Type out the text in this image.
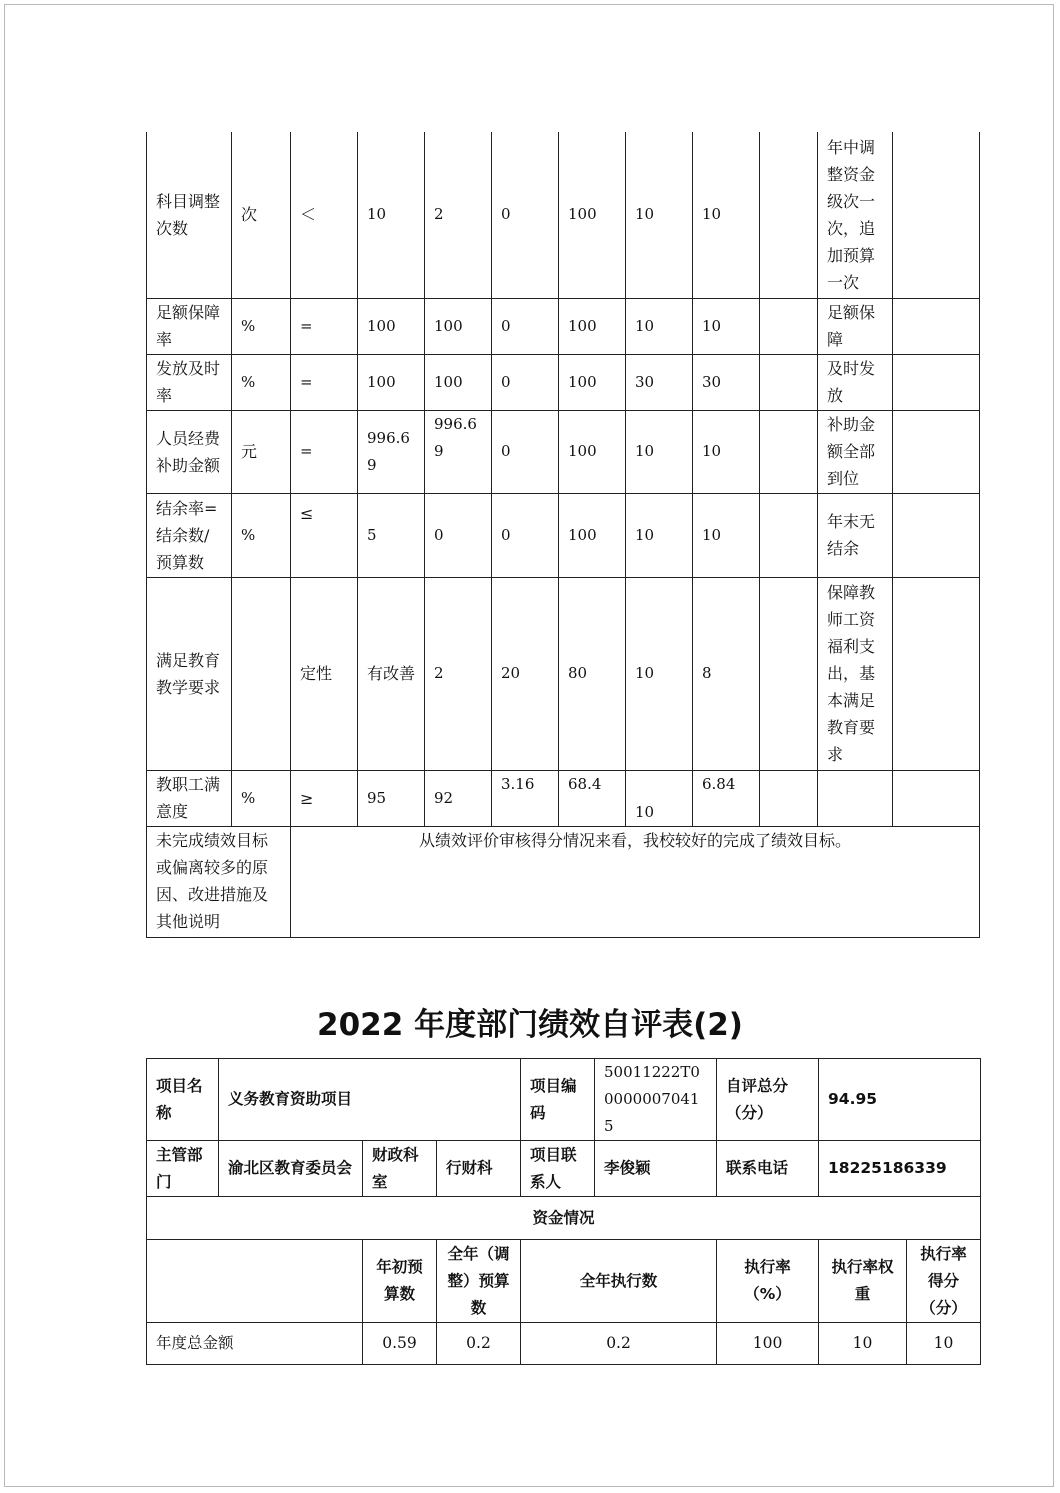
科目调整次数	次	＜	10	2	0	100	10	10		年中调整资金级次一次，追加预算一次	
足额保障率	%	=	100	100	0	100	10	10		足额保障	
发放及时率	%	=	100	100	0	100	30	30		及时发放	
人员经费补助金额	元	=	996.69	996.69	0	100	10	10		补助金额全部到位	
结余率=结余数/预算数	%	≤	5	0	0	100	10	10		年末无结余	
满足教育教学要求		定性	有改善	2	20	80	10	8		保障教师工资福利支出，基本满足教育要求	
教职工满意度	%	≥	95	92	3.16	68.4	10	6.84			
未完成绩效目标或偏离较多的原因、改进措施及其他说明		从绩效评价审核得分情况来看，我校较好的完成了绩效目标。									
2022 年度部门绩效自评表(2)
项目名称	义务教育资助项目			项目编码	50011222T000000070415	自评总分（分）	94.95	
主管部门	渝北区教育委员会	财政科室	行财科	项目联系人	李俊颖	联系电话	18225186339	
资金情况								
		年初预算数	全年（调整）预算数	全年执行数		执行率（%）	执行率权重	执行率得分（分）
年度总金额		0.59	0.2	0.2		100	10	10
